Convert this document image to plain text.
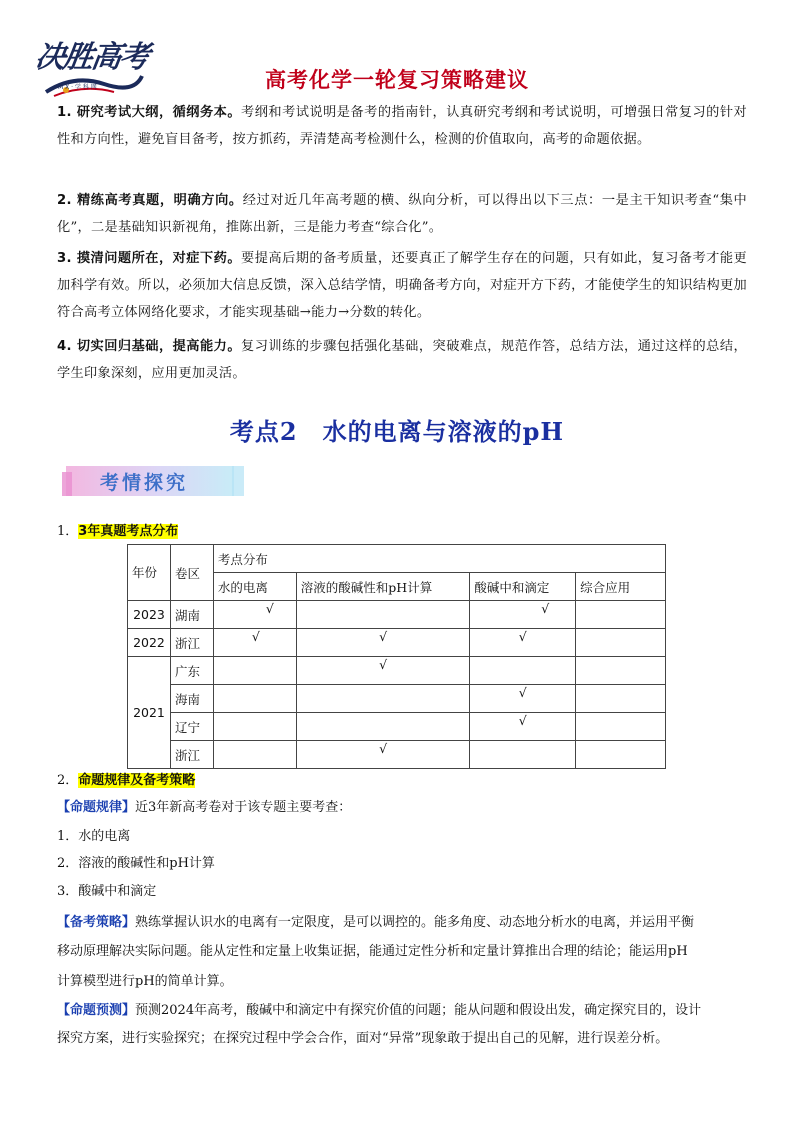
决胜高考
M X · 学 科 网	高考化学一轮复习策略建议

1. 研究考试大纲，循纲务本。考纲和考试说明是备考的指南针，认真研究考纲和考试说明，可增强日常复习的针对性和方向性，避免盲目备考，按方抓药，弄清楚高考检测什么，检测的价值取向，高考的命题依据。

2. 精练高考真题，明确方向。经过对近几年高考题的横、纵向分析，可以得出以下三点：一是主干知识考查“集中化”，二是基础知识新视角，推陈出新，三是能力考查“综合化”。

3. 摸清问题所在，对症下药。要提高后期的备考质量，还要真正了解学生存在的问题，只有如此，复习备考才能更加科学有效。所以，必须加大信息反馈，深入总结学情，明确备考方向，对症开方下药，才能使学生的知识结构更加符合高考立体网络化要求，才能实现基础→能力→分数的转化。

4. 切实回归基础，提高能力。复习训练的步骤包括强化基础，突破难点，规范作答，总结方法，通过这样的总结，学生印象深刻，应用更加灵活。

考点2　水的电离与溶液的pH
考情探究
1．3年真题考点分布
年份	卷区	考点分布			
		水的电离	溶液的酸碱性和pH计算	酸碱中和滴定	综合应用
2023	湖南	√		√	
2022	浙江	√	√	√	
2021	广东		√		
	海南			√	
	辽宁			√	
	浙江		√		
2．命题规律及备考策略
【命题规律】近3年新高考卷对于该专题主要考查：
1．水的电离
2．溶液的酸碱性和pH计算
3．酸碱中和滴定
【备考策略】熟练掌握认识水的电离有一定限度，是可以调控的。能多角度、动态地分析水的电离，并运用平衡
移动原理解决实际问题。能从定性和定量上收集证据，能通过定性分析和定量计算推出合理的结论；能运用pH
计算模型进行pH的简单计算。
【命题预测】预测2024年高考，酸碱中和滴定中有探究价值的问题；能从问题和假设出发，确定探究目的，设计
探究方案，进行实验探究；在探究过程中学会合作，面对“异常”现象敢于提出自己的见解，进行误差分析。
